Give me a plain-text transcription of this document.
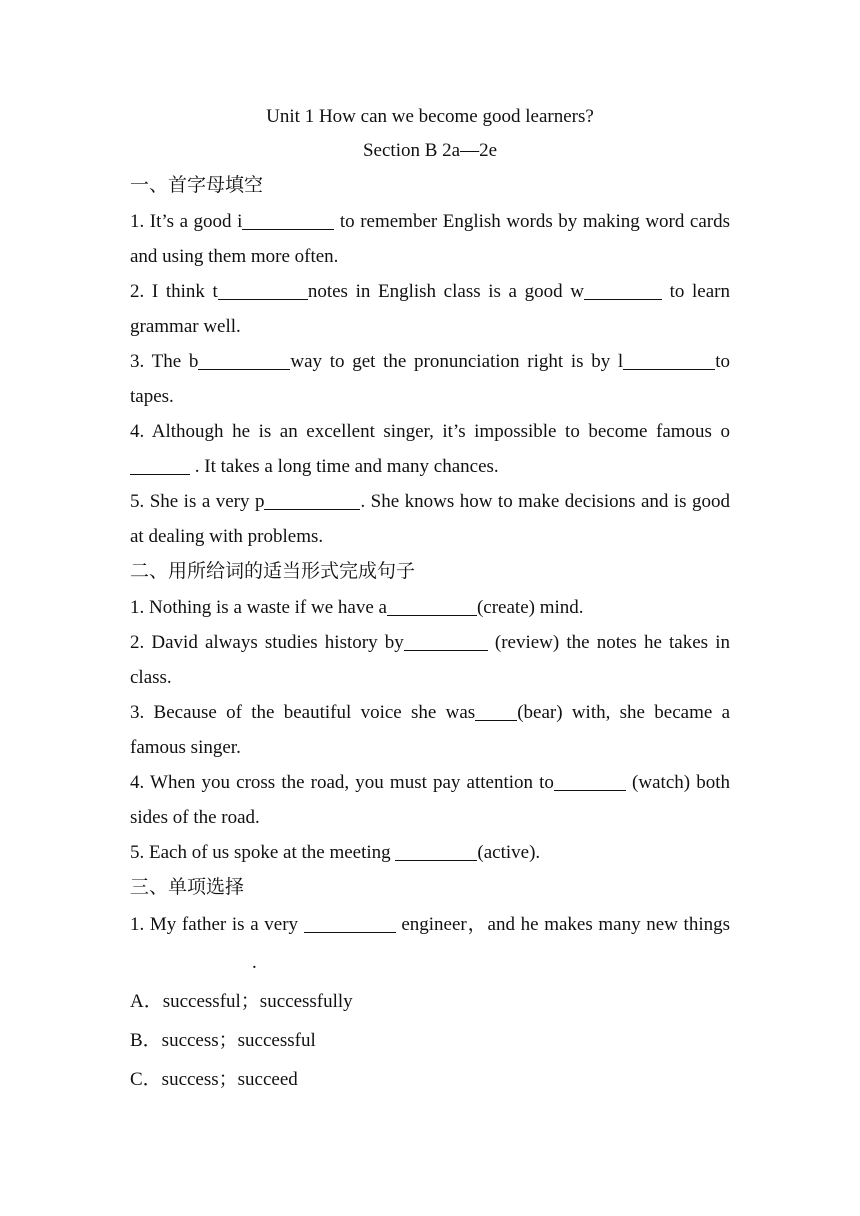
Unit 1 How can we become good learners?
Section B 2a—2e
一、首字母填空
1. It’s a good i	to remember English words by making word cards and using them more often.
2. I think t	notes in English class is a good w	to learn grammar well.
3. The b	way to get the pronunciation right is by l	to tapes.
4. Although he is an excellent singer, it’s impossible to become famous o  . It takes a long time and many chances.
5. She is a very p	. She knows how to make decisions and is good at dealing with problems.
二、用所给词的适当形式完成句子
1. Nothing is a waste if we have a	(create) mind.
2. David always studies history by	(review) the notes he takes in class.
3. Because of the beautiful voice she was (bear) with, she became a famous singer.
4. When you cross the road, you must pay attention to	(watch) both sides of the road.
5. Each of us spoke at the meeting	(active).
三、单项选择
1. My father is a very	engineer，and he makes many new things.
A．successful；successfully
B．success；successful
C．success；succeed
